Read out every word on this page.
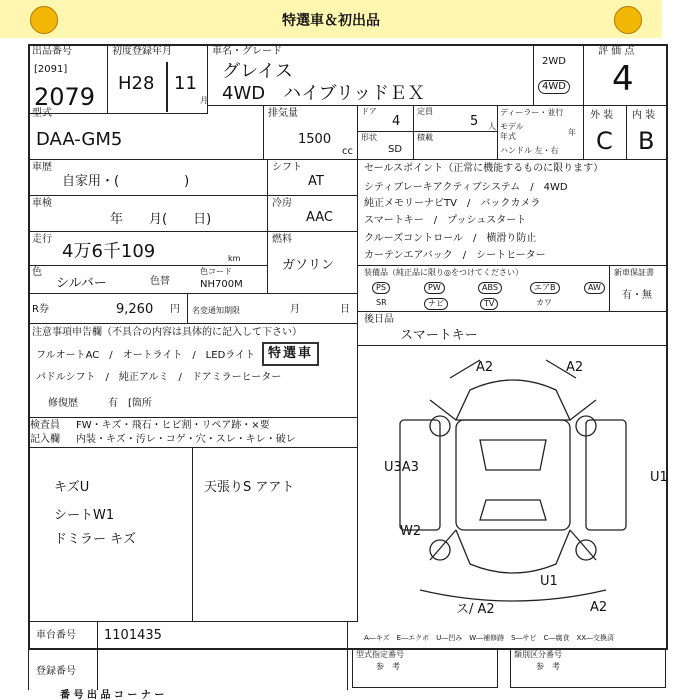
特選車＆初出品
出品番号
[2091]
2079
初度登録年月
H28 11
月
車名・グレード
グレイス
4WD　ハイブリッドＥＸ
2WD
4WD
評 価 点
4
型式
DAA-GM5
排気量
1500
cc
ドア
4
定員
5 人
形状
SD
積載
ディーラー・並行
モデル
年式	年
ハンドル 左・右
外 装 内 装
C B
車歴
自家用・(　　　　　)
シフト
AT
車検
年　　月(　　日)
冷房
AAC
走行
4万6千109	km
燃料
ガソリン
色
シルバー	色替
色コード
NH700M
R券	9,260 円 名変通知期限	月	日
セールスポイント（正常に機能するものに限ります）
シティブレーキアクティブシステム　/　4WD
純正メモリーナビTV　/　バックカメラ
スマートキー　/　プッシュスタート
クルーズコントロール　/　横滑り防止
カーテンエアバック　/　シートヒーター
装備品（純正品に限り◎をつけてください）
PS	PW	ABS	エアB	AW
SR	ナビ	TV	カワ
新車保証書
有・無
後日品
スマートキー
注意事項申告欄（不具合の内容は具体的に記入して下さい）
フルオートAC　/　オートライト　/　LEDライト
パドルシフト　/　純正アルミ　/　ドアミラーヒーター
特選車
修復歴　　　有　[箇所
検査員
記入欄
FW・キズ・飛石・ヒビ割・リペア跡・×要
内装・キズ・汚レ・コゲ・穴・スレ・キレ・破レ
キズU
シートW1
ドミラー キズ
天張りS アアト
A2	A2
U3A3
U1
W2
U1
ス/ A2	A2
車台番号 1101435	A―キズ　E―エクボ　U―凹み　W―補修跡　S―サビ　C―腐食　XX―交換済
登録番号
型式指定番号
参　考
類別区分番号
参　考
番 号 出 品 コ ー ナ ー
